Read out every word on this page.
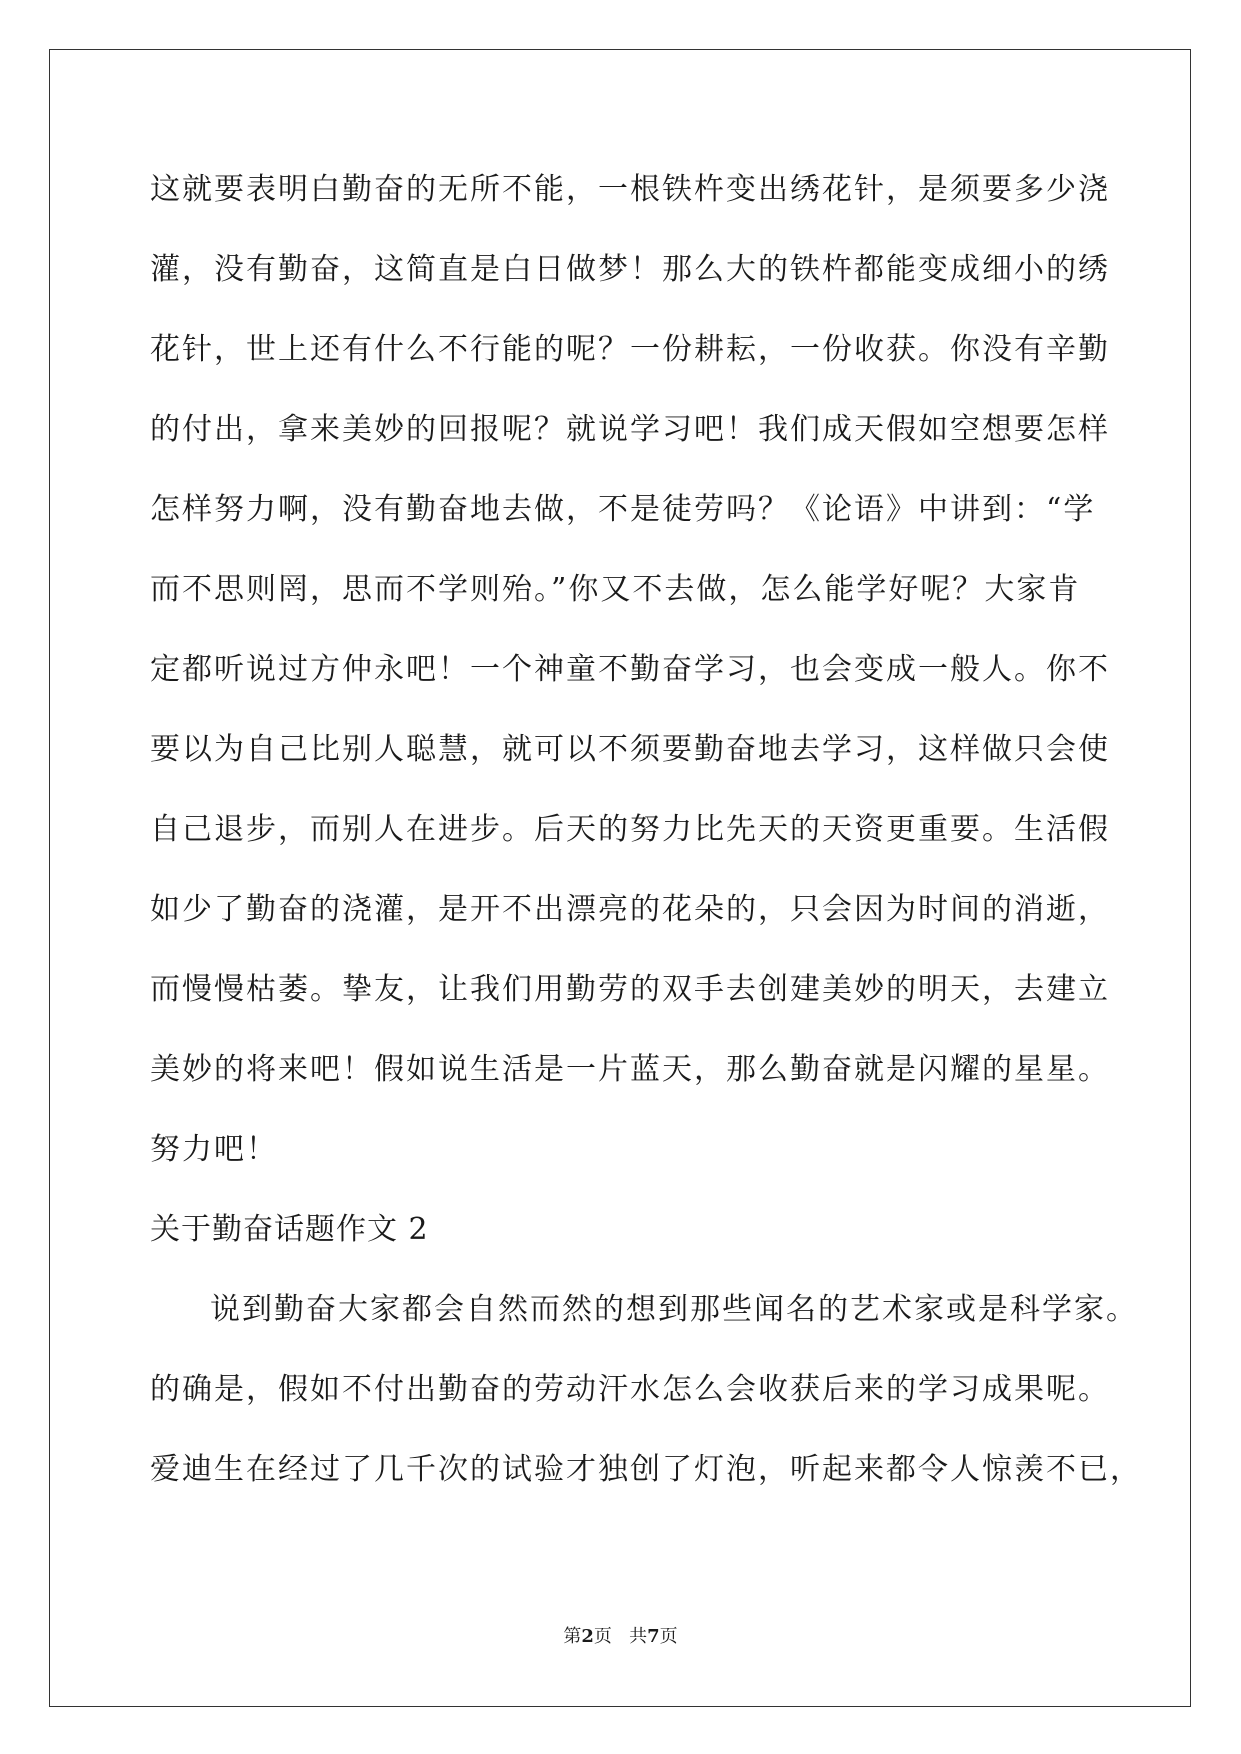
这就要表明白勤奋的无所不能，一根铁杵变出绣花针，是须要多少浇
灌，没有勤奋，这简直是白日做梦！那么大的铁杵都能变成细小的绣
花针，世上还有什么不行能的呢？一份耕耘，一份收获。你没有辛勤
的付出，拿来美妙的回报呢？就说学习吧！我们成天假如空想要怎样
怎样努力啊，没有勤奋地去做，不是徒劳吗？《论语》中讲到：“学
而不思则罔，思而不学则殆。”你又不去做，怎么能学好呢？大家肯
定都听说过方仲永吧！一个神童不勤奋学习，也会变成一般人。你不
要以为自己比别人聪慧，就可以不须要勤奋地去学习，这样做只会使
自己退步，而别人在进步。后天的努力比先天的天资更重要。生活假
如少了勤奋的浇灌，是开不出漂亮的花朵的，只会因为时间的消逝，
而慢慢枯萎。挚友，让我们用勤劳的双手去创建美妙的明天，去建立
美妙的将来吧！假如说生活是一片蓝天，那么勤奋就是闪耀的星星。
努力吧！
关于勤奋话题作文 2
说到勤奋大家都会自然而然的想到那些闻名的艺术家或是科学家。
的确是，假如不付出勤奋的劳动汗水怎么会收获后来的学习成果呢。
爱迪生在经过了几千次的试验才独创了灯泡，听起来都令人惊羡不已，
第2页 共7页
